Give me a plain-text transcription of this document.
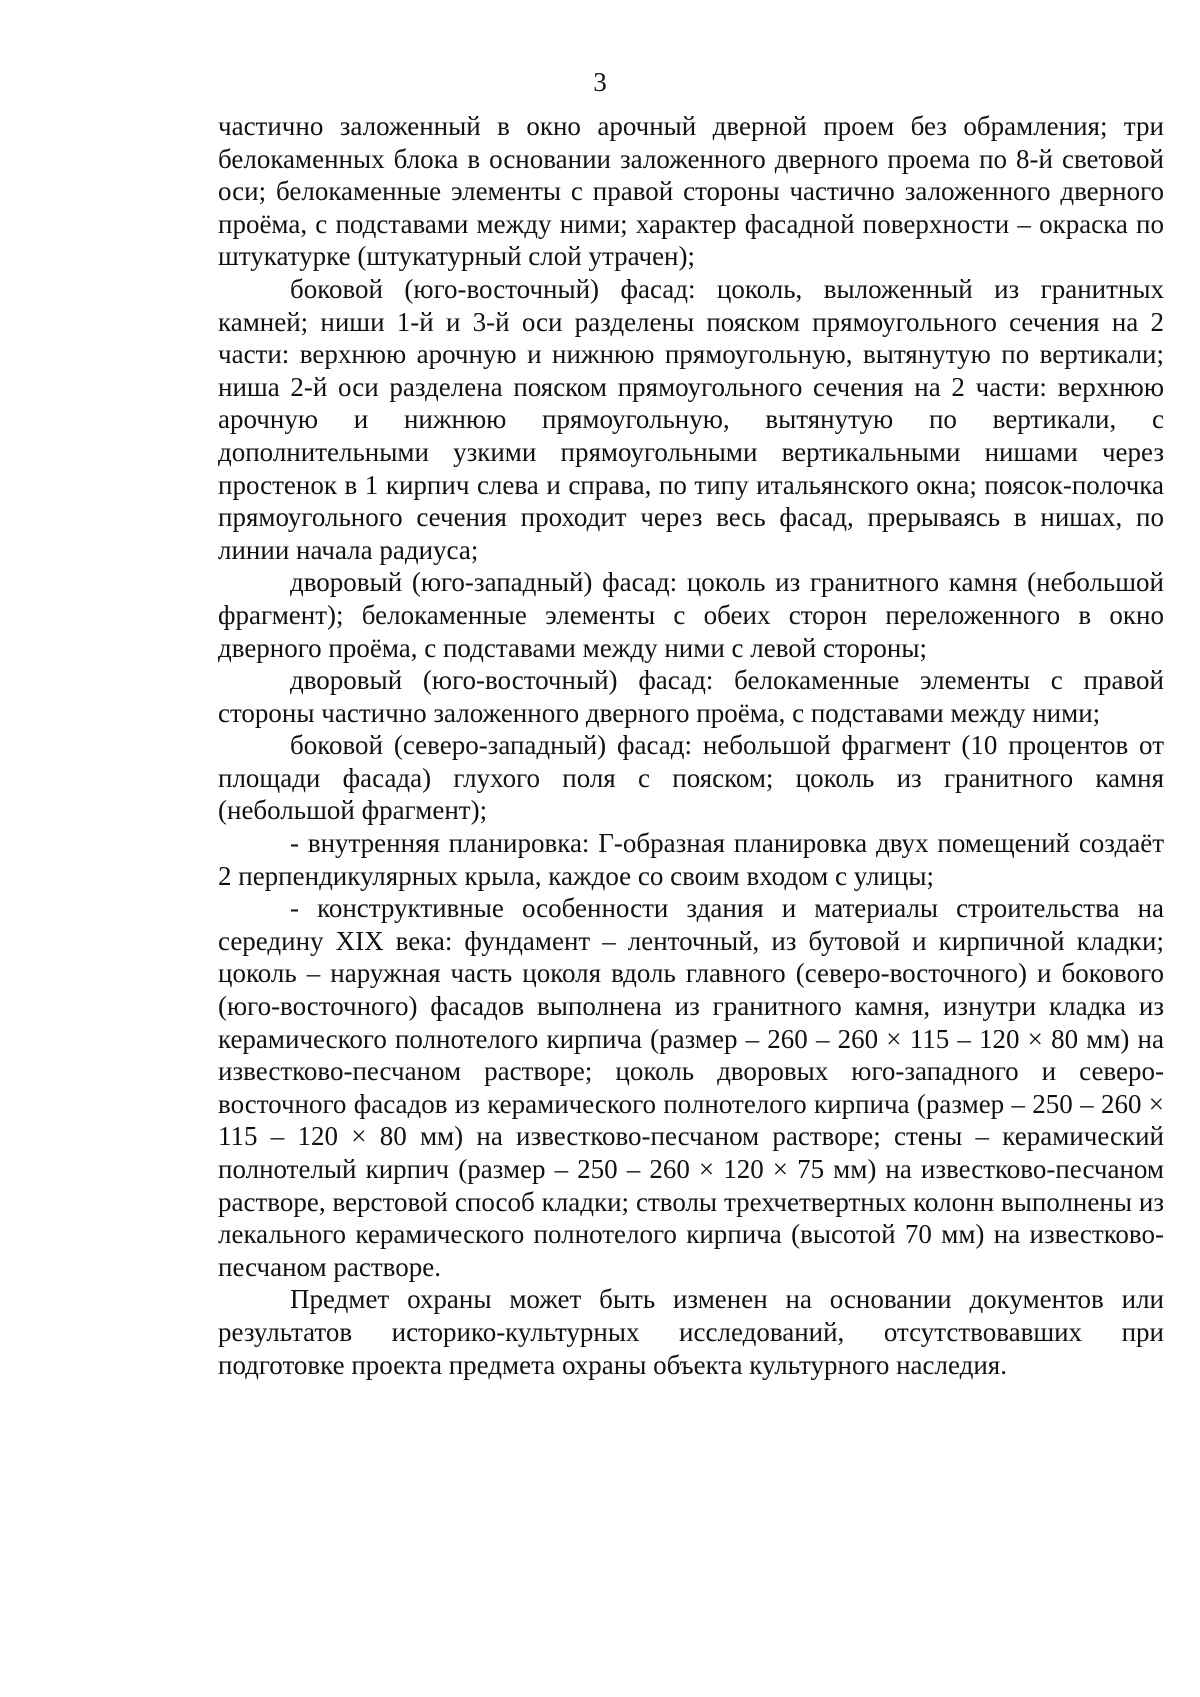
3

частично заложенный в окно арочный дверной проем без обрамления; три белокаменных блока в основании заложенного дверного проема по 8-й световой оси; белокаменные элементы с правой стороны частично заложенного дверного проёма, с подставами между ними; характер фасадной поверхности – окраска по штукатурке (штукатурный слой утрачен);

боковой (юго-восточный) фасад: цоколь, выложенный из гранитных камней; ниши 1-й и 3-й оси разделены пояском прямоугольного сечения на 2 части: верхнюю арочную и нижнюю прямоугольную, вытянутую по вертикали; ниша 2-й оси разделена пояском прямоугольного сечения на 2 части: верхнюю арочную и нижнюю прямоугольную, вытянутую по вертикали, с дополнительными узкими прямоугольными вертикальными нишами через простенок в 1 кирпич слева и справа, по типу итальянского окна; поясок-полочка прямоугольного сечения проходит через весь фасад, прерываясь в нишах, по линии начала радиуса;

дворовый (юго-западный) фасад: цоколь из гранитного камня (небольшой фрагмент); белокаменные элементы с обеих сторон переложенного в окно дверного проёма, с подставами между ними с левой стороны;

дворовый (юго-восточный) фасад: белокаменные элементы с правой стороны частично заложенного дверного проёма, с подставами между ними;

боковой (северо-западный) фасад: небольшой фрагмент (10 процентов от площади фасада) глухого поля с пояском; цоколь из гранитного камня (небольшой фрагмент);

- внутренняя планировка: Г-образная планировка двух помещений создаёт 2 перпендикулярных крыла, каждое со своим входом с улицы;

- конструктивные особенности здания и материалы строительства на середину XIX века: фундамент – ленточный, из бутовой и кирпичной кладки; цоколь – наружная часть цоколя вдоль главного (северо-восточного) и бокового (юго-восточного) фасадов выполнена из гранитного камня, изнутри кладка из керамического полнотелого кирпича (размер – 260 – 260 × 115 – 120 × 80 мм) на известково-песчаном растворе; цоколь дворовых юго-западного и северо-восточного фасадов из керамического полнотелого кирпича (размер – 250 – 260 × 115 – 120 × 80 мм) на известково-песчаном растворе; стены – керамический полнотелый кирпич (размер – 250 – 260 × 120 × 75 мм) на известково-песчаном растворе, верстовой способ кладки; стволы трехчетвертных колонн выполнены из лекального керамического полнотелого кирпича (высотой 70 мм) на известково-песчаном растворе.

Предмет охраны может быть изменен на основании документов или результатов историко-культурных исследований, отсутствовавших при подготовке проекта предмета охраны объекта культурного наследия.
